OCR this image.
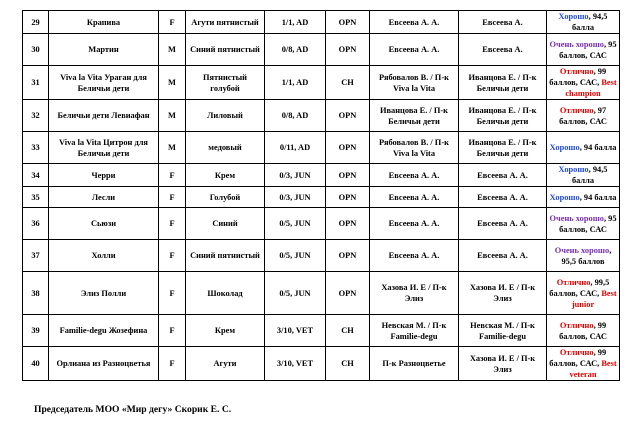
29	Крапива	F	Агути пятнистый	1/1, AD	OPN	Евсеева А. А.	Евсеева А.	Хорошо, 94,5 балла

30	Мартин	M	Синий пятнистый	0/8, AD	OPN	Евсеева А. А.	Евсеева А.	Очень хорошо, 95 баллов, САС

31	Viva la Vita Ураган для Беличьи дети	M	Пятнистый голубой	1/1, AD	CH	Рябовалов В. / П-к Viva la Vita	Иванцова Е. / П-к Беличьи дети	Отлично, 99 баллов, САС, Best champion

32	Беличьи дети Левиафан	M	Лиловый	0/8, AD	OPN	Иванцова Е. / П-к Беличьи дети	Иванцова Е. / П-к Беличьи дети	Отлично, 97 баллов, САС

33	Viva la Vita Цитрон для Беличьи дети	M	медовый	0/11, AD	OPN	Рябовалов В. / П-к Viva la Vita	Иванцова Е. / П-к Беличьи дети	Хорошо, 94 балла

34	Черри	F	Крем	0/3, JUN	OPN	Евсеева А. А.	Евсеева А. А.	Хорошо, 94,5 балла

35	Лесли	F	Голубой	0/3, JUN	OPN	Евсеева А. А.	Евсеева А. А.	Хорошо, 94 балла

36	Сьюзи	F	Синий	0/5, JUN	OPN	Евсеева А. А.	Евсеева А. А.	Очень хорошо, 95 баллов, САС

37	Холли	F	Синий пятнистый	0/5, JUN	OPN	Евсеева А. А.	Евсеева А. А.	Очень хорошо, 95,5 баллов

38	Элиз Полли	F	Шоколад	0/5, JUN	OPN	Хазова И. Е / П-к Элиз	Хазова И. Е / П-к Элиз	Отлично, 99,5 баллов, САС, Best junior

39	Familie-degu Жозефина	F	Крем	3/10, VET	CH	Невская М. / П-к Familie-degu	Невская М. / П-к Familie-degu	Отлично, 99 баллов, САС

40	Орлиана из Разноцветья	F	Агути	3/10, VET	CH	П-к Разноцветье	Хазова И. Е / П-к Элиз	Отлично, 99 баллов, САС, Best veteran
Председатель МОО «Мир дегу» Скорик Е. С.
